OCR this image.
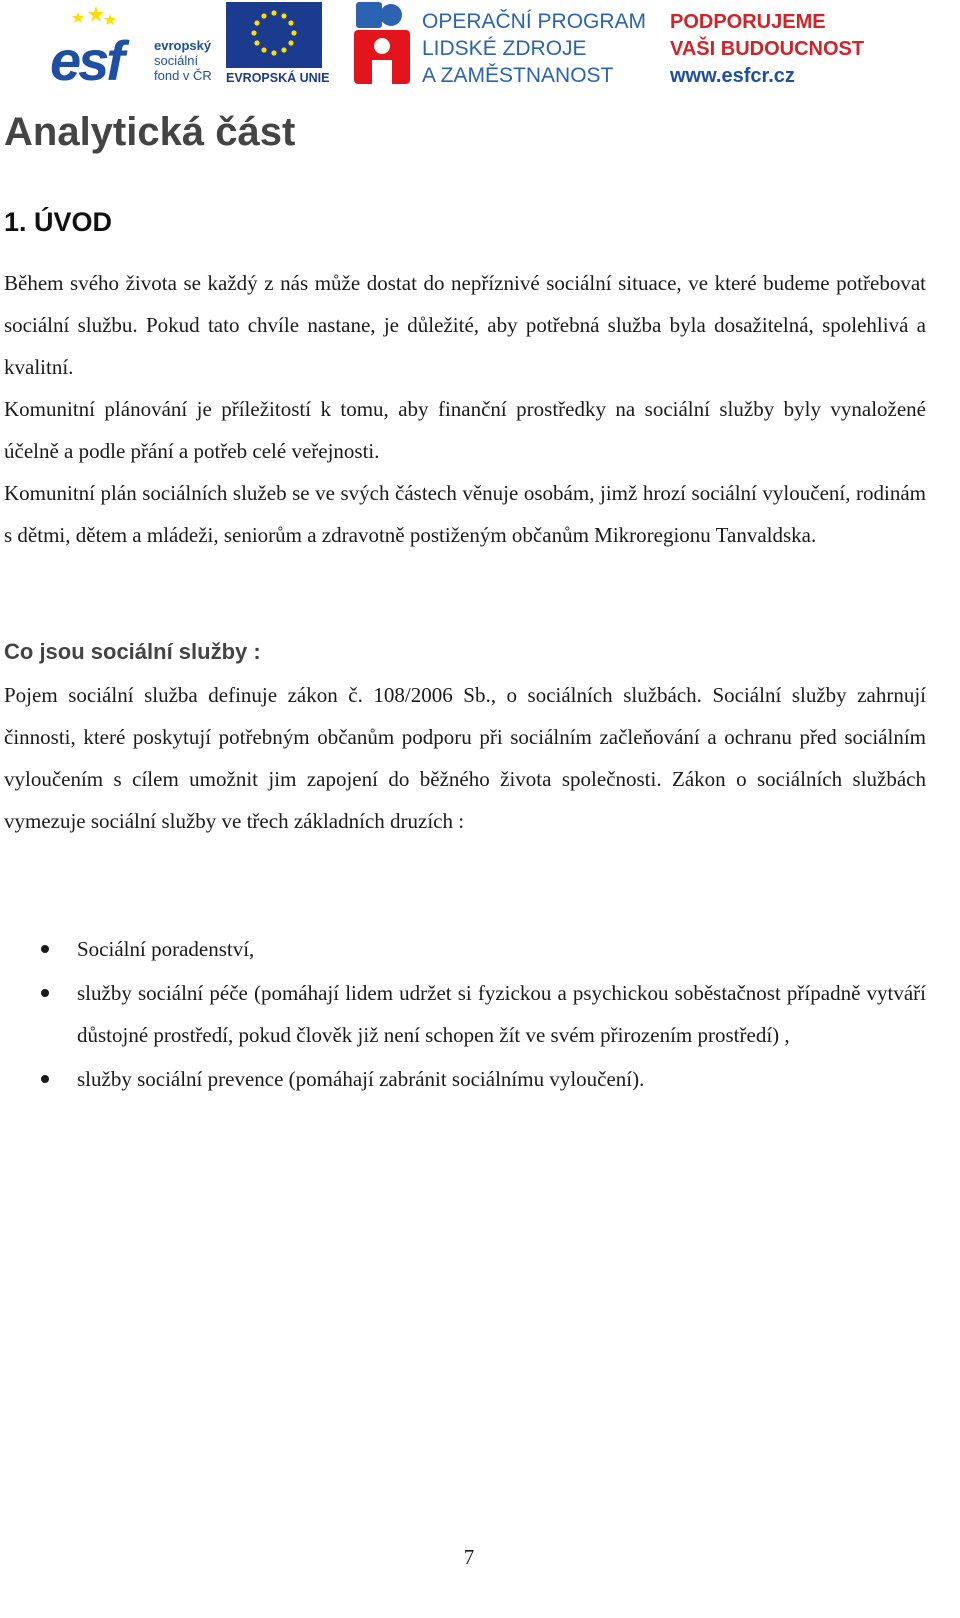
esf	evropský
sociální
fond v ČR EVROPSKÁ UNIE
OPERAČNÍ PROGRAM
LIDSKÉ ZDROJE
A ZAMĚSTNANOST
PODPORUJEME
VAŠI BUDOUCNOST
www.esfcr.cz
Analytická část
1. ÚVOD

Během svého života se každý z nás může dostat do nepříznivé sociální situace, ve které budeme potřebovat sociální službu. Pokud tato chvíle nastane, je důležité, aby potřebná služba byla dosažitelná, spolehlivá a kvalitní.

Komunitní plánování je příležitostí k tomu, aby finanční prostředky na sociální služby byly vynaložené účelně a podle přání a potřeb celé veřejnosti.

Komunitní plán sociálních služeb se ve svých částech věnuje osobám, jimž hrozí sociální vyloučení, rodinám s dětmi, dětem a mládeži, seniorům a zdravotně postiženým občanům Mikroregionu Tanvaldska.

Co jsou sociální služby :

Pojem sociální služba definuje zákon č. 108/2006 Sb., o sociálních službách. Sociální služby zahrnují činnosti, které poskytují potřebným občanům podporu při sociálním začleňování a ochranu před sociálním vyloučením s cílem umožnit jim zapojení do běžného života společnosti. Zákon o sociálních službách vymezuje sociální služby ve třech základních druzích :

Sociální poradenství,
služby sociální péče (pomáhají lidem udržet si fyzickou a psychickou soběstačnost případně vytváří důstojné prostředí, pokud člověk již není schopen žít ve svém přirozením prostředí) ,
služby sociální prevence (pomáhají zabránit sociálnímu vyloučení).
7
